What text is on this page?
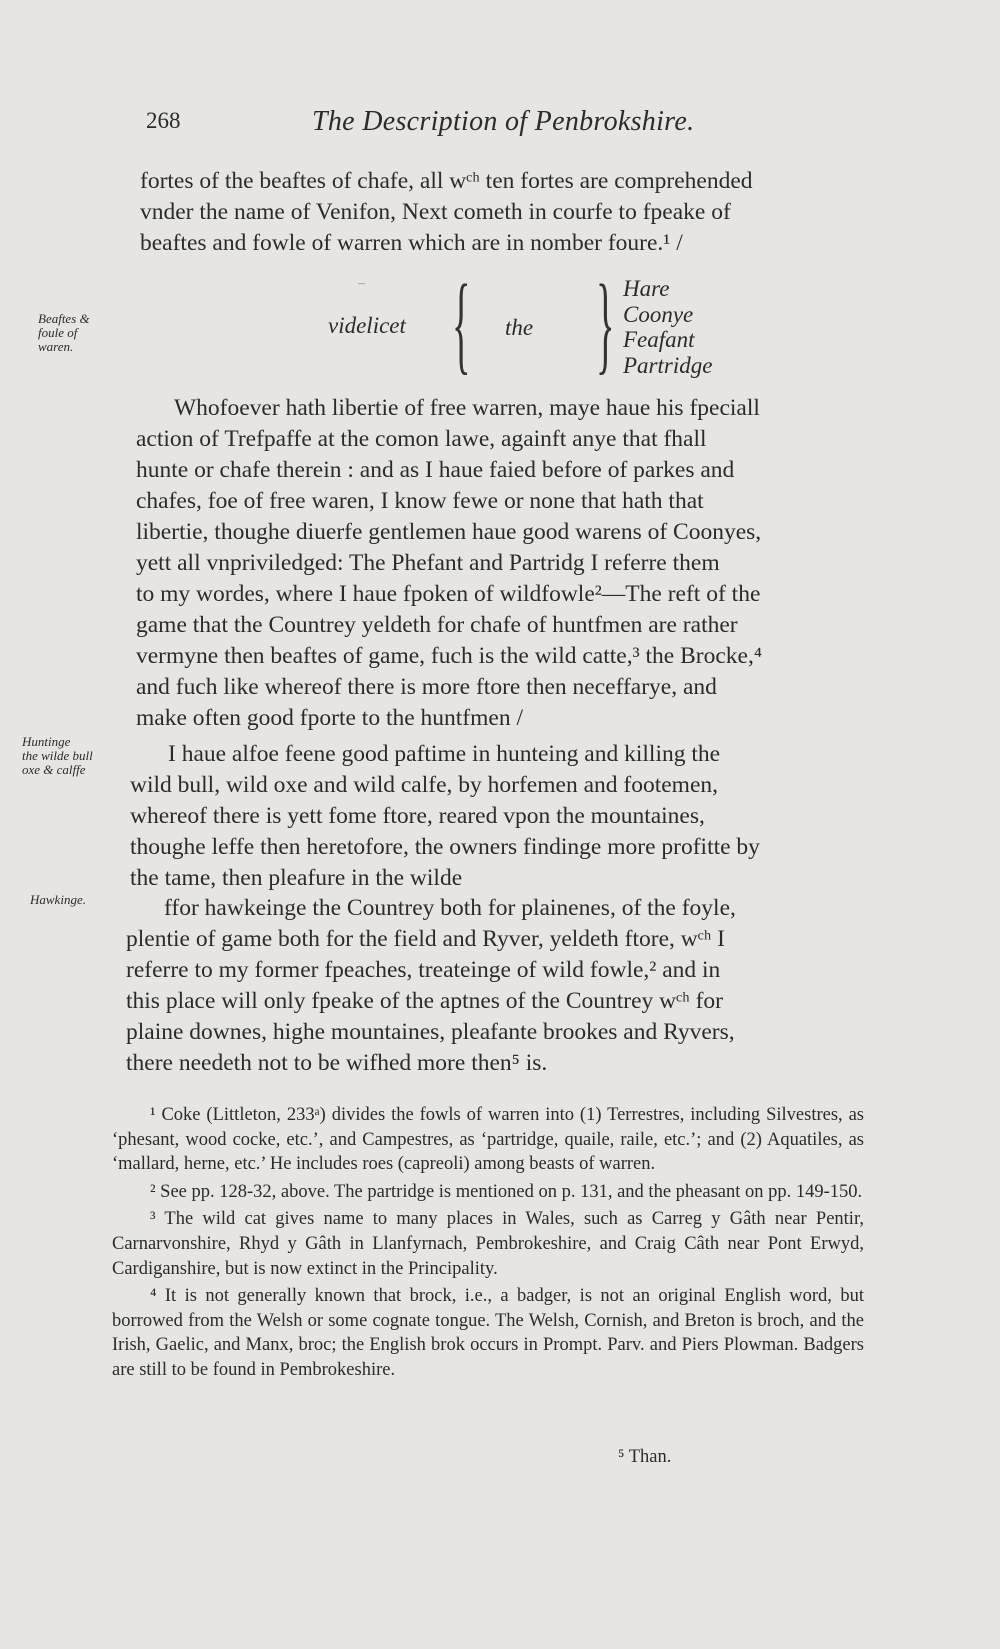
268	The Description of Penbrokshire.
fortes of the beaftes of chafe, all wᶜʰ ten fortes are comprehended
vnder the name of Venifon, Next cometh in courfe to fpeake of
beaftes and fowle of warren which are in nomber foure.¹ /
Beaftes &
foule of
waren.
–
videlicet { the } Hare
Coonye
Feafant
Partridge
Whofoever hath libertie of free warren, maye haue his fpeciall
action of Trefpaffe at the comon lawe, againft anye that fhall
hunte or chafe therein : and as I haue faied before of parkes and
chafes, foe of free waren, I know fewe or none that hath that
libertie, thoughe diuerfe gentlemen haue good warens of Coonyes,
yett all vnpriviledged: The Phefant and Partridg I referre them
to my wordes, where I haue fpoken of wildfowle²—The reft of the
game that the Countrey yeldeth for chafe of huntfmen are rather
vermyne then beaftes of game, fuch is the wild catte,³ the Brocke,⁴
and fuch like whereof there is more ftore then neceffarye, and
make often good fporte to the huntfmen /
Huntinge
the wilde bull
oxe & calffe
I haue alfoe feene good paftime in hunteing and killing the
wild bull, wild oxe and wild calfe, by horfemen and footemen,
whereof there is yett fome ftore, reared vpon the mountaines,
thoughe leffe then heretofore, the owners findinge more profitte by
the tame, then pleafure in the wilde
Hawkinge.	ffor hawkeinge the Countrey both for plainenes, of the foyle,
plentie of game both for the field and Ryver, yeldeth ftore, wᶜʰ I
referre to my former fpeaches, treateinge of wild fowle,² and in
this place will only fpeake of the aptnes of the Countrey wᶜʰ for
plaine downes, highe mountaines, pleafante brookes and Ryvers,
there needeth not to be wifhed more then⁵ is.

¹ Coke (Littleton, 233ᵃ) divides the fowls of warren into (1) Terrestres, including Silvestres, as ‘phesant, wood cocke, etc.’, and Campestres, as ‘partridge, quaile, raile, etc.’; and (2) Aquatiles, as ‘mallard, herne, etc.’ He includes roes (capreoli) among beasts of warren.

² See pp. 128-32, above. The partridge is mentioned on p. 131, and the pheasant on pp. 149-150.

³ The wild cat gives name to many places in Wales, such as Carreg y Gâth near Pentir, Carnarvonshire, Rhyd y Gâth in Llanfyrnach, Pembrokeshire, and Craig Câth near Pont Erwyd, Cardiganshire, but is now extinct in the Principality.

⁴ It is not generally known that brock, i.e., a badger, is not an original English word, but borrowed from the Welsh or some cognate tongue. The Welsh, Cornish, and Breton is broch, and the Irish, Gaelic, and Manx, broc; the English brok occurs in Prompt. Parv. and Piers Plowman. Badgers are still to be found in Pembrokeshire.

⁵ Than.
